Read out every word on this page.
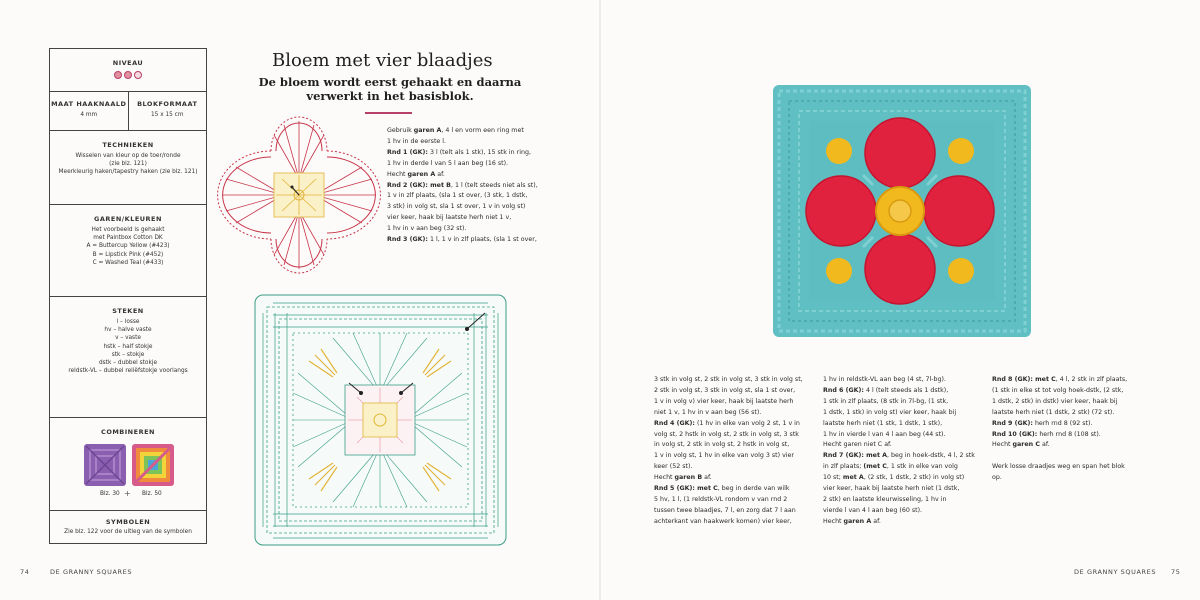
NIVEAU
MAAT HAAKNAALD
4 mm
BLOKFORMAAT
15 x 15 cm
TECHNIEKEN
Wisselen van kleur op de toer/ronde
(zie blz. 121)
Meerkleurig haken/tapestry haken (zie blz. 121)
GAREN/KLEUREN
Het voorbeeld is gehaakt
met Paintbox Cotton DK
A = Buttercup Yellow (#423)
B = Lipstick Pink (#452)
C = Washed Teal (#433)
STEKEN
l – losse
hv – halve vaste
v – vaste
hstk – half stokje
stk – stokje
dstk – dubbel stokje
reldstk-VL – dubbel reliëfstokje voorlangs
COMBINEREN
Blz. 30 + Blz. 50
SYMBOLEN
Zie blz. 122 voor de uitleg van de symbolen
Bloem met vier blaadjes
De bloem wordt eerst gehaakt en daarna verwerkt in het basisblok.
Gebruik garen A, 4 l en vorm een ring met
1 hv in de eerste l.
Rnd 1 (GK): 3 l (telt als 1 stk), 15 stk in ring,
1 hv in derde l van 5 l aan beg (16 st).
Hecht garen A af.
Rnd 2 (GK): met B, 1 l (telt steeds niet als st),
1 v in zlf plaats, (sla 1 st over, (3 stk, 1 dstk,
3 stk) in volg st, sla 1 st over, 1 v in volg st)
vier keer, haak bij laatste herh niet 1 v,
1 hv in v aan beg (32 st).
Rnd 3 (GK): 1 l, 1 v in zlf plaats, (sla 1 st over,
3 stk in volg st, 2 stk in volg st, 3 stk in volg st,
2 stk in volg st, 3 stk in volg st, sla 1 st over,
1 v in volg v) vier keer, haak bij laatste herh
niet 1 v, 1 hv in v aan beg (56 st).
Rnd 4 (GK): (1 hv in elke van volg 2 st, 1 v in
volg st, 2 hstk in volg st, 2 stk in volg st, 3 stk
in volg st, 2 stk in volg st, 2 hstk in volg st,
1 v in volg st, 1 hv in elke van volg 3 st) vier
keer (52 st).
Hecht garen B af.
Rnd 5 (GK): met C, beg in derde van wilk
5 hv, 1 l, (1 reldstk-VL rondom v van rnd 2
tussen twee blaadjes, 7 l, en zorg dat 7 l aan
achterkant van haakwerk komen) vier keer,
1 hv in reldstk-VL aan beg (4 st, 7l-bg).
Rnd 6 (GK): 4 l (telt steeds als 1 dstk),
1 stk in zlf plaats, (8 stk in 7l-bg, (1 stk,
1 dstk, 1 stk) in volg st) vier keer, haak bij
laatste herh niet (1 stk, 1 dstk, 1 stk),
1 hv in vierde l van 4 l aan beg (44 st).
Hecht garen niet C af.
Rnd 7 (GK): met A, beg in hoek-dstk, 4 l, 2 stk
in zlf plaats; (met C, 1 stk in elke van volg
10 st; met A, (2 stk, 1 dstk, 2 stk) in volg st)
vier keer, haak bij laatste herh niet (1 dstk,
2 stk) en laatste kleurwisseling, 1 hv in
vierde l van 4 l aan beg (60 st).
Hecht garen A af.
Rnd 8 (GK): met C, 4 l, 2 stk in zlf plaats,
(1 stk in elke st tot volg hoek-dstk, (2 stk,
1 dstk, 2 stk) in dstk) vier keer, haak bij
laatste herh niet (1 dstk, 2 stk) (72 st).
Rnd 9 (GK): herh rnd 8 (92 st).
Rnd 10 (GK): herh rnd 8 (108 st).
Hecht garen C af.

Werk losse draadjes weg en span het blok
op.
74	DE GRANNY SQUARES	DE GRANNY SQUARES 75
